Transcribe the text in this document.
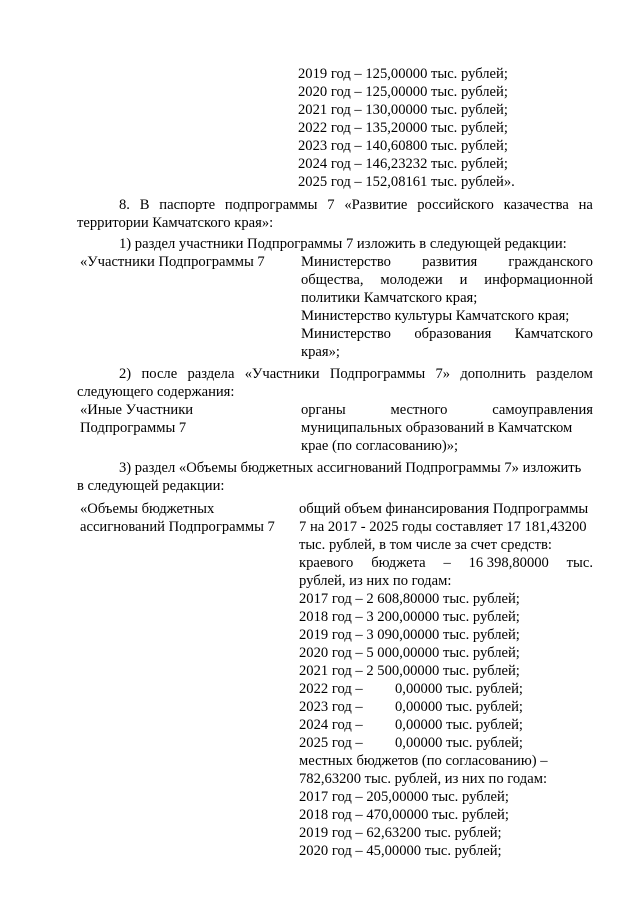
2019 год – 125,00000 тыс. рублей;
2020 год – 125,00000 тыс. рублей;
2021 год – 130,00000 тыс. рублей;
2022 год – 135,20000 тыс. рублей;
2023 год – 140,60800 тыс. рублей;
2024 год – 146,23232 тыс. рублей;
2025 год – 152,08161 тыс. рублей».
8. В паспорте подпрограммы 7 «Развитие российского казачества на
территории Камчатского края»:
1) раздел участники Подпрограммы 7 изложить в следующей редакции:
«Участники Подпрограммы 7 Министерство развития гражданского
общества, молодежи и информационной
политики Камчатского края;
Министерство культуры Камчатского края;
Министерство образования Камчатского
края»;
2) после раздела «Участники Подпрограммы 7» дополнить разделом
следующего содержания:
«Иные Участники
Подпрограммы 7
органы	местного	самоуправления
муниципальных образований в Камчатском
крае (по согласованию)»;
3) раздел «Объемы бюджетных ассигнований Подпрограммы 7» изложить
в следующей редакции:
«Объемы бюджетных
ассигнований Подпрограммы 7
общий объем финансирования Подпрограммы
7 на 2017 - 2025 годы составляет 17 181,43200
тыс. рублей, в том числе за счет средств:
краевого бюджета – 16 398,80000 тыс.
рублей, из них по годам:
2017 год – 2 608,80000 тыс. рублей;
2018 год – 3 200,00000 тыс. рублей;
2019 год – 3 090,00000 тыс. рублей;
2020 год – 5 000,00000 тыс. рублей;
2021 год – 2 500,00000 тыс. рублей;
2022 год – 0,00000 тыс. рублей;
2023 год – 0,00000 тыс. рублей;
2024 год – 0,00000 тыс. рублей;
2025 год – 0,00000 тыс. рублей;
местных бюджетов (по согласованию) –
782,63200 тыс. рублей, из них по годам:
2017 год – 205,00000 тыс. рублей;
2018 год – 470,00000 тыс. рублей;
2019 год – 62,63200 тыс. рублей;
2020 год – 45,00000 тыс. рублей;
